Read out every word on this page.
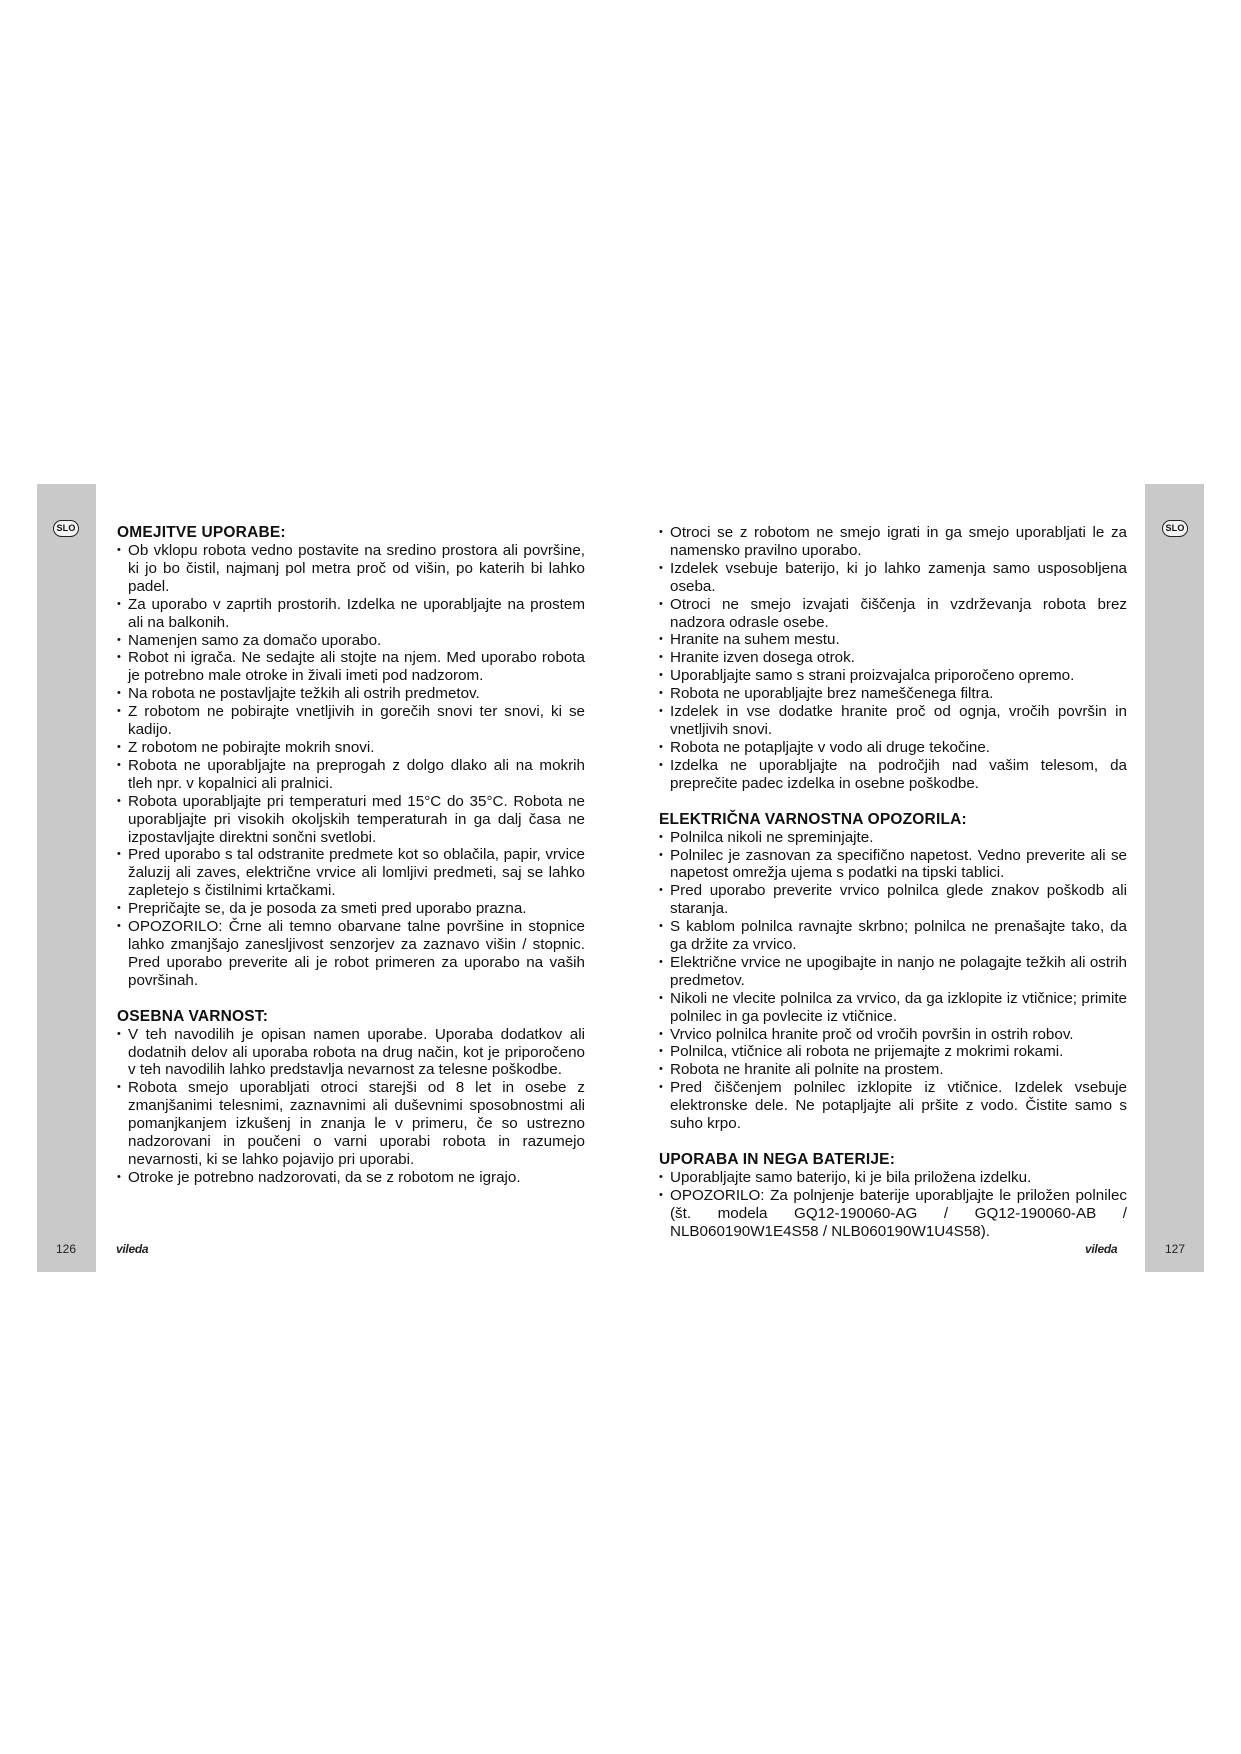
SLO
126	vileda
OMEJITVE UPORABE:
• Ob vklopu robota vedno postavite na sredino prostora ali površine, ki jo bo čistil, najmanj pol metra proč od višin, po katerih bi lahko padel.
• Za uporabo v zaprtih prostorih. Izdelka ne uporabljajte na prostem ali na balkonih.
• Namenjen samo za domačo uporabo.
• Robot ni igrača. Ne sedajte ali stojte na njem. Med uporabo robota je potrebno male otroke in živali imeti pod nadzorom.
• Na robota ne postavljajte težkih ali ostrih predmetov.
• Z robotom ne pobirajte vnetljivih in gorečih snovi ter snovi, ki se kadijo.
• Z robotom ne pobirajte mokrih snovi.
• Robota ne uporabljajte na preprogah z dolgo dlako ali na mokrih tleh npr. v kopalnici ali pralnici.
• Robota uporabljajte pri temperaturi med 15°C do 35°C. Robota ne uporabljajte pri visokih okoljskih temperaturah in ga dalj časa ne izpostavljajte direktni sončni svetlobi.
• Pred uporabo s tal odstranite predmete kot so oblačila, papir, vrvice žaluzij ali zaves, električne vrvice ali lomljivi predmeti, saj se lahko zapletejo s čistilnimi krtačkami.
• Prepričajte se, da je posoda za smeti pred uporabo prazna.
• OPOZORILO: Črne ali temno obarvane talne površine in stopnice lahko zmanjšajo zanesljivost senzorjev za zaznavo višin / stopnic. Pred uporabo preverite ali je robot primeren za uporabo na vaših površinah.
OSEBNA VARNOST:
• V teh navodilih je opisan namen uporabe. Uporaba dodatkov ali dodatnih delov ali uporaba robota na drug način, kot je priporočeno v teh navodilih lahko predstavlja nevarnost za telesne poškodbe.
• Robota smejo uporabljati otroci starejši od 8 let in osebe z zmanjšanimi telesnimi, zaznavnimi ali duševnimi sposobnostmi ali pomanjkanjem izkušenj in znanja le v primeru, če so ustrezno nadzorovani in poučeni o varni uporabi robota in razumejo nevarnosti, ki se lahko pojavijo pri uporabi.
• Otroke je potrebno nadzorovati, da se z robotom ne igrajo.
• Otroci se z robotom ne smejo igrati in ga smejo uporabljati le za namensko pravilno uporabo.
• Izdelek vsebuje baterijo, ki jo lahko zamenja samo usposobljena oseba.
• Otroci ne smejo izvajati čiščenja in vzdrževanja robota brez nadzora odrasle osebe.
• Hranite na suhem mestu.
• Hranite izven dosega otrok.
• Uporabljajte samo s strani proizvajalca priporočeno opremo.
• Robota ne uporabljajte brez nameščenega filtra.
• Izdelek in vse dodatke hranite proč od ognja, vročih površin in vnetljivih snovi.
• Robota ne potapljajte v vodo ali druge tekočine.
• Izdelka ne uporabljajte na področjih nad vašim telesom, da preprečite padec izdelka in osebne poškodbe.
ELEKTRIČNA VARNOSTNA OPOZORILA:
• Polnilca nikoli ne spreminjajte.
• Polnilec je zasnovan za specifično napetost. Vedno preverite ali se napetost omrežja ujema s podatki na tipski tablici.
• Pred uporabo preverite vrvico polnilca glede znakov poškodb ali staranja.
• S kablom polnilca ravnajte skrbno; polnilca ne prenašajte tako, da ga držite za vrvico.
• Električne vrvice ne upogibajte in nanjo ne polagajte težkih ali ostrih predmetov.
• Nikoli ne vlecite polnilca za vrvico, da ga izklopite iz vtičnice; primite polnilec in ga povlecite iz vtičnice.
• Vrvico polnilca hranite proč od vročih površin in ostrih robov.
• Polnilca, vtičnice ali robota ne prijemajte z mokrimi rokami.
• Robota ne hranite ali polnite na prostem.
• Pred čiščenjem polnilec izklopite iz vtičnice. Izdelek vsebuje elektronske dele. Ne potapljajte ali pršite z vodo. Čistite samo s suho krpo.
UPORABA IN NEGA BATERIJE:
• Uporabljajte samo baterijo, ki je bila priložena izdelku.
• OPOZORILO: Za polnjenje baterije uporabljajte le priložen polnilec (št. modela GQ12-190060-AG / GQ12-190060-AB / NLB060190W1E4S58 / NLB060190W1U4S58).
vileda
SLO
127
